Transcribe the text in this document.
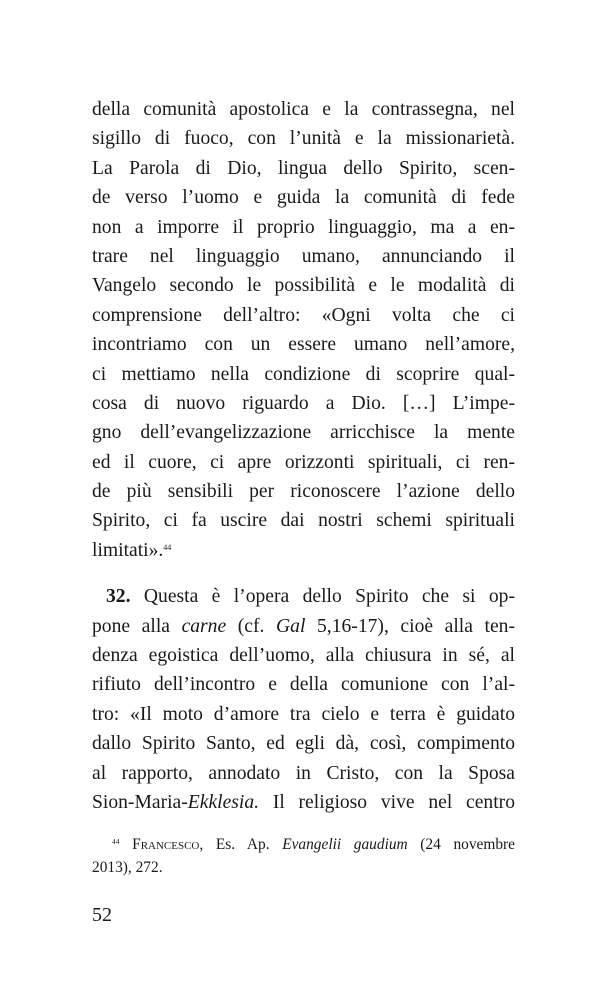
della comunità apostolica e la contrassegna, nel
sigillo di fuoco, con l’unità e la missionarietà.
La Parola di Dio, lingua dello Spirito, scen-
de verso l’uomo e guida la comunità di fede
non a imporre il proprio linguaggio, ma a en-
trare nel linguaggio umano, annunciando il
Vangelo secondo le possibilità e le modalità di
comprensione dell’altro: «Ogni volta che ci
incontriamo con un essere umano nell’amore,
ci mettiamo nella condizione di scoprire qual-
cosa di nuovo riguardo a Dio. […] L’impe-
gno dell’evangelizzazione arricchisce la mente
ed il cuore, ci apre orizzonti spirituali, ci ren-
de più sensibili per riconoscere l’azione dello
Spirito, ci fa uscire dai nostri schemi spirituali
limitati».$^{44}$
32. Questa è l’opera dello Spirito che si op-
pone alla carne (cf. Gal 5,16-17), cioè alla ten-
denza egoistica dell’uomo, alla chiusura in sé, al
rifiuto dell’incontro e della comunione con l’al-
tro: «Il moto d’amore tra cielo e terra è guidato
dallo Spirito Santo, ed egli dà, così, compimento
al rapporto, annodato in Cristo, con la Sposa
Sion-Maria-Ekklesia. Il religioso vive nel centro
$^{44}$ Francesco, Es. Ap. Evangelii gaudium (24 novembre
2013), 272.
52
